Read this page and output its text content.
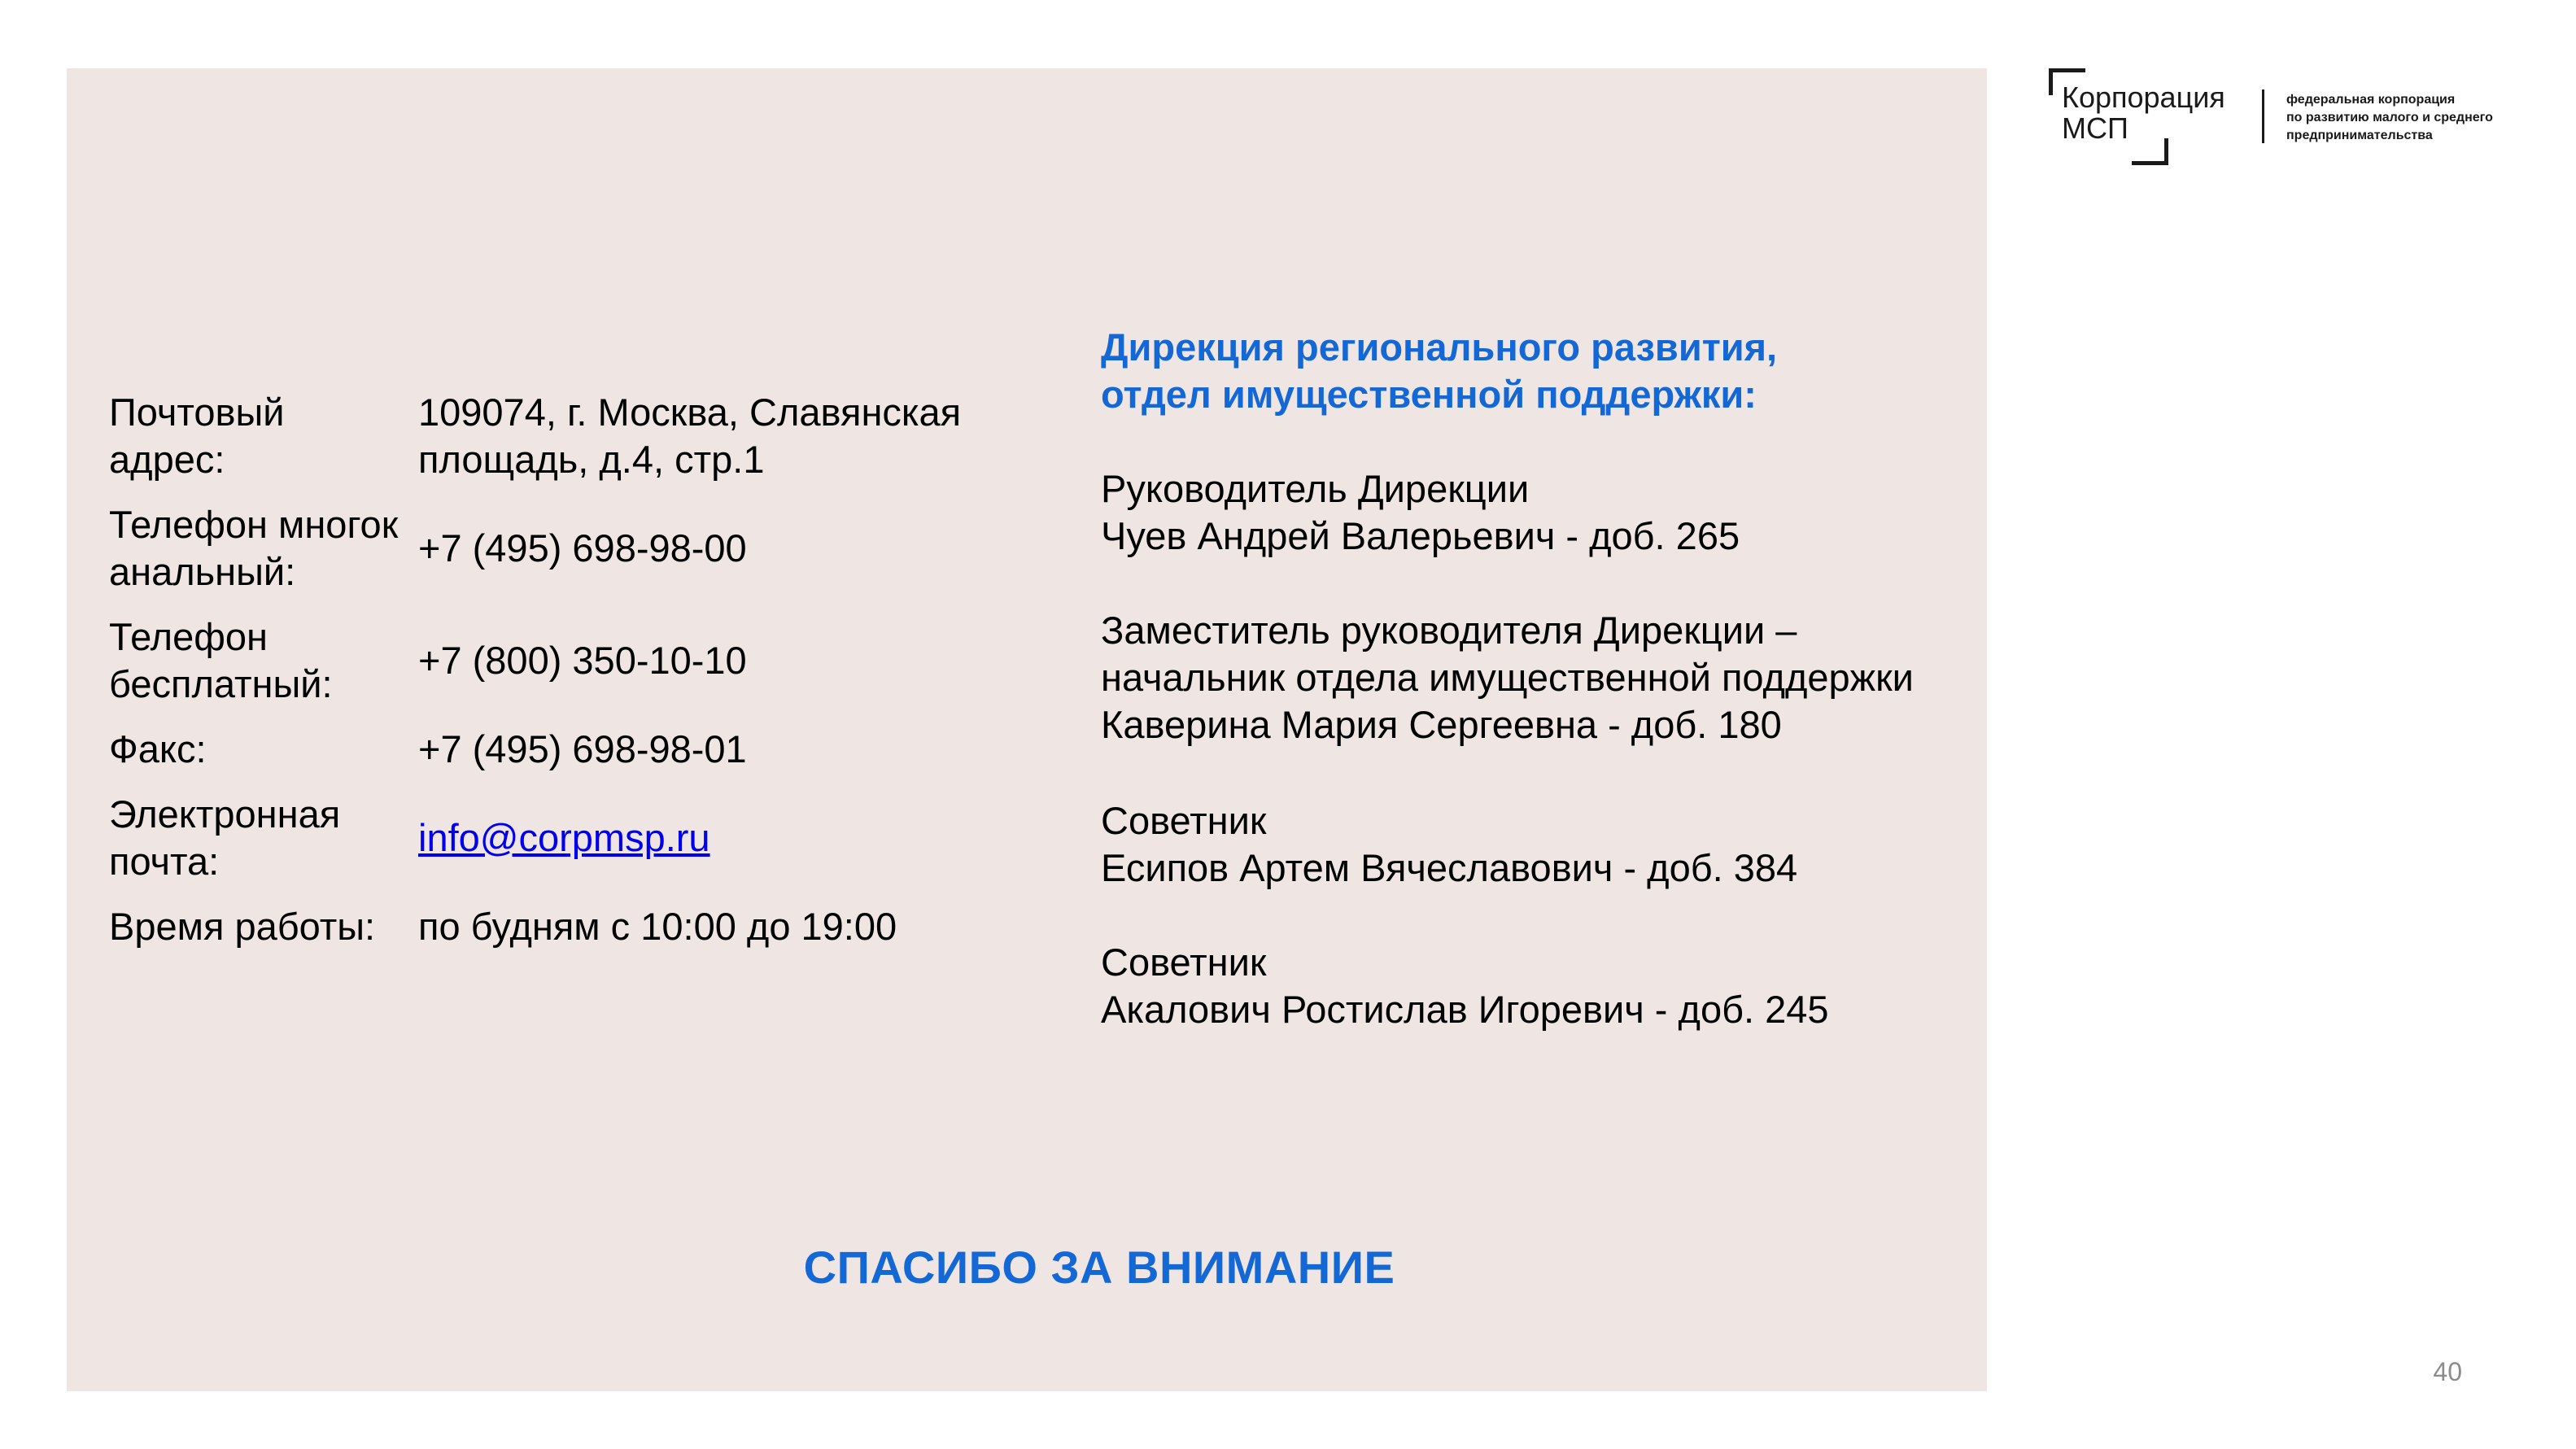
Корпорация
МСП
федеральная корпорация
по развитию малого и среднего
предпринимательства
Почтовый адрес:	109074, г. Москва, Славянская площадь, д.4, стр.1

Телефон многоканальный:	+7 (495) 698-98-00

Телефон бесплатный:	+7 (800) 350-10-10
Факс:	+7 (495) 698-98-01

Электронная почта:	info@corpmsp.ru
Время работы:	по будням с 10:00 до 19:00
Дирекция регионального развития,
отдел имущественной поддержки:
Руководитель Дирекции
Чуев Андрей Валерьевич - доб. 265
Заместитель руководителя Дирекции –
начальник отдела имущественной поддержки
Каверина Мария Сергеевна - доб. 180
Советник
Есипов Артем Вячеславович - доб. 384
Советник
Акалович Ростислав Игоревич - доб. 245
СПАСИБО ЗА ВНИМАНИЕ
40
